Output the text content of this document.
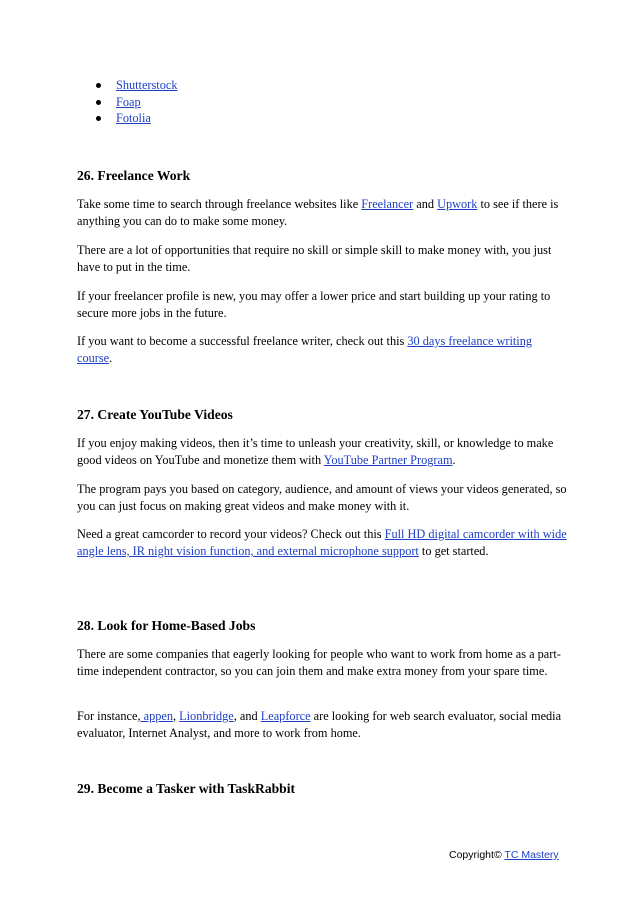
Shutterstock
Foap
Fotolia
26. Freelance Work

Take some time to search through freelance websites like Freelancer and Upwork to see if there is anything you can do to make some money.

There are a lot of opportunities that require no skill or simple skill to make money with, you just have to put in the time.

If your freelancer profile is new, you may offer a lower price and start building up your rating to secure more jobs in the future.

If you want to become a successful freelance writer, check out this 30 days freelance writing course.

27. Create YouTube Videos

If you enjoy making videos, then it’s time to unleash your creativity, skill, or knowledge to make good videos on YouTube and monetize them with YouTube Partner Program.

The program pays you based on category, audience, and amount of views your videos generated, so you can just focus on making great videos and make money with it.

Need a great camcorder to record your videos? Check out this Full HD digital camcorder with wide angle lens, IR night vision function, and external microphone support to get started.

28. Look for Home-Based Jobs

There are some companies that eagerly looking for people who want to work from home as a part-time independent contractor, so you can join them and make extra money from your spare time.

For instance, appen, Lionbridge, and Leapforce are looking for web search evaluator, social media evaluator, Internet Analyst, and more to work from home.

29. Become a Tasker with TaskRabbit
Copyright© TC Mastery
